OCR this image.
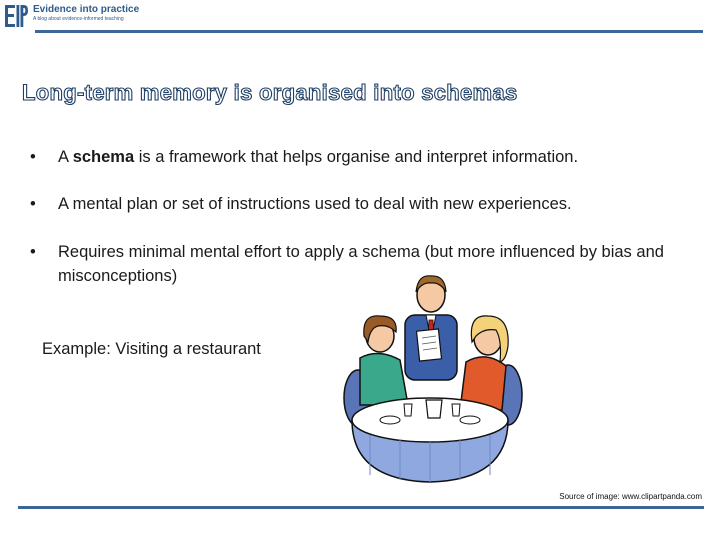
Evidence into practice
A blog about evidence-informed teaching
Long-term memory is organised into schemas
• A schema is a framework that helps organise and interpret information.
• A mental plan or set of instructions used to deal with new experiences.
• Requires minimal mental effort to apply a schema (but more influenced by bias and misconceptions)
Example: Visiting a restaurant
Source of image: www.clipartpanda.com
